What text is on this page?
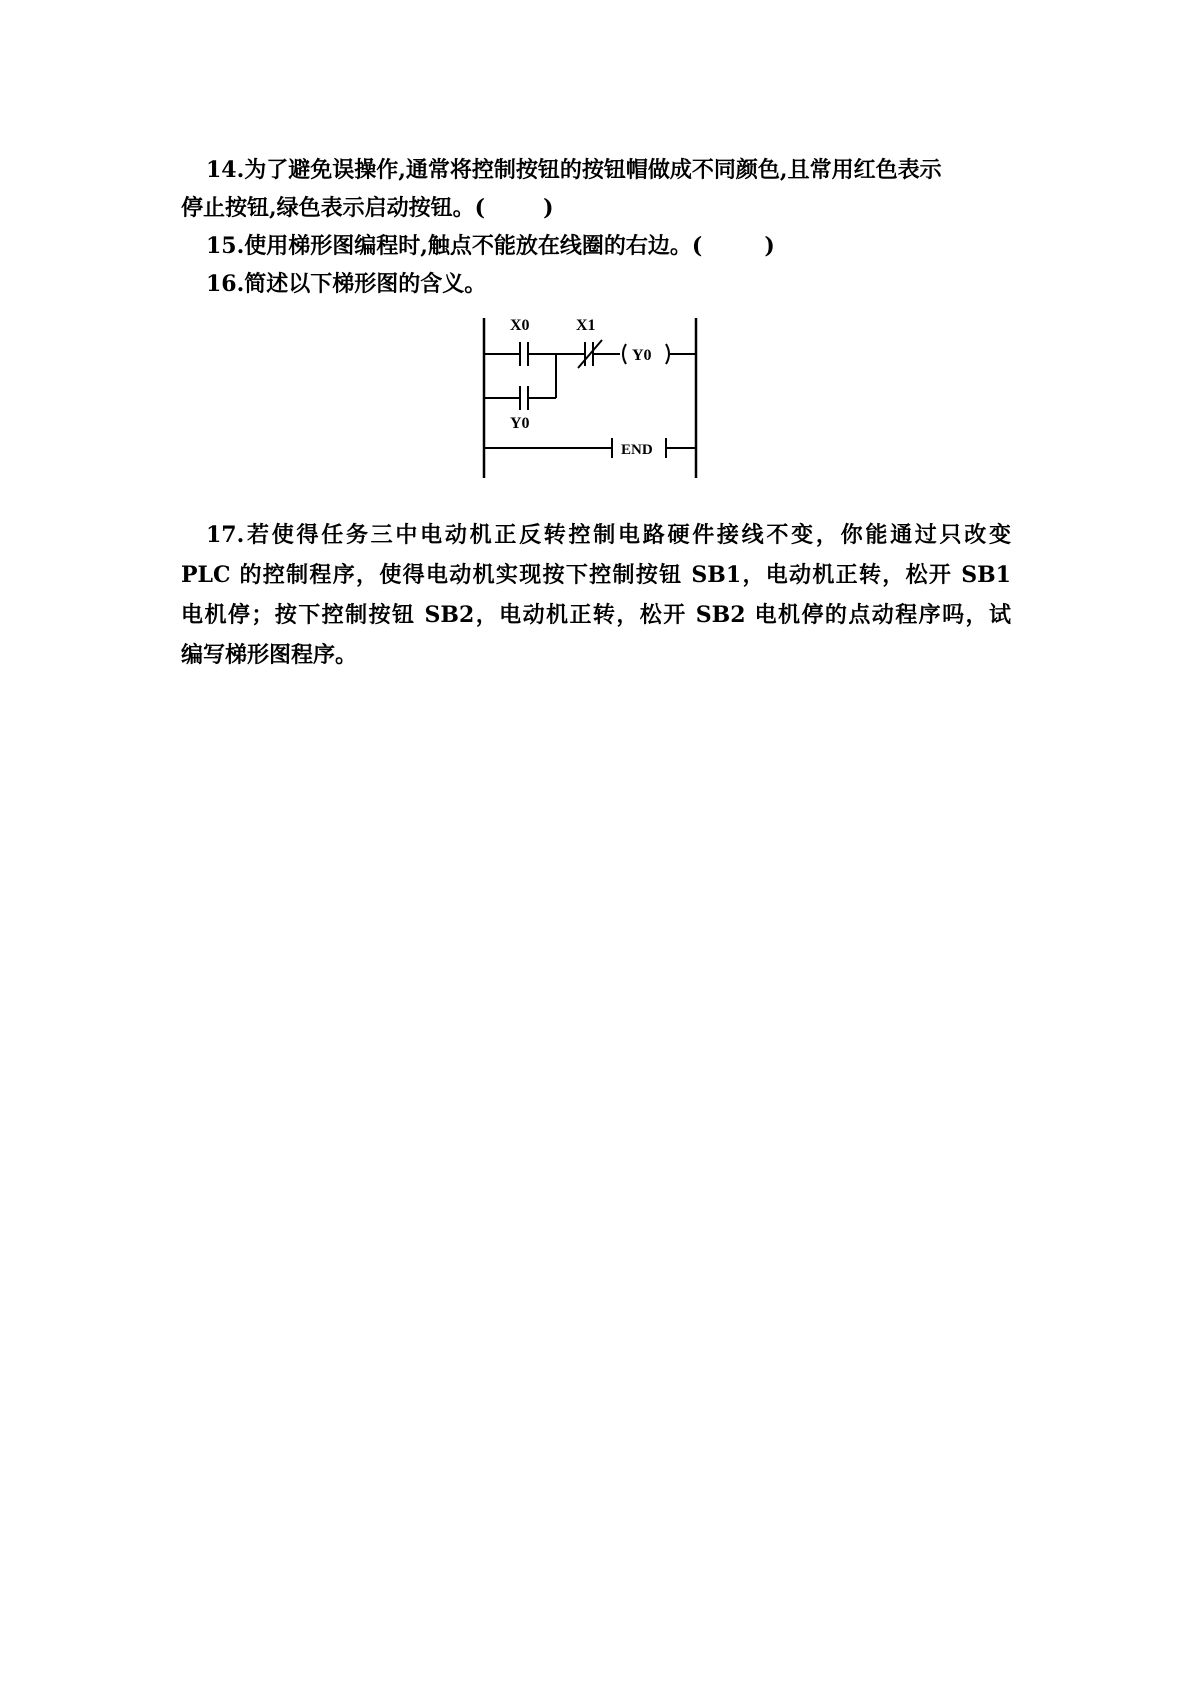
14.为了避免误操作,通常将控制按钮的按钮帽做成不同颜色,且常用红色表示
停止按钮,绿色表示启动按钮。(	)
15.使用梯形图编程时,触点不能放在线圈的右边。(	)
16.简述以下梯形图的含义。
X0	X1
Y0
Y0
END
17.若使得任务三中电动机正反转控制电路硬件接线不变，你能通过只改变
PLC 的控制程序，使得电动机实现按下控制按钮 SB1，电动机正转，松开 SB1
电机停；按下控制按钮 SB2，电动机正转，松开 SB2 电机停的点动程序吗，试
编写梯形图程序。
